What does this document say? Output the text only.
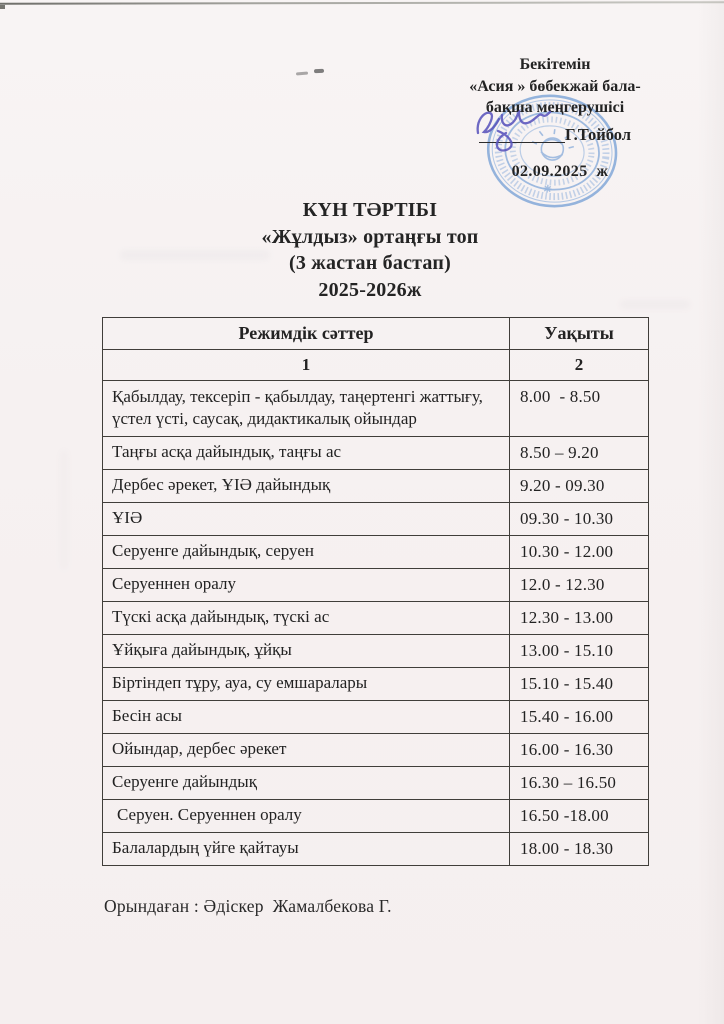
Бекітемін
«Асия » бөбекжай бала-
бақша меңгерушісі
Г.Тойбол
02.09.2025  ж
КҮН ТӘРТІБІ
«Жұлдыз» ортаңғы топ
(3 жастан бастап)
2025-2026ж
Режимдік сәттер	Уақыты
1	2
Қабылдау, тексеріп - қабылдау, таңертенгі жаттығу, үстел үсті, саусақ, дидактикалық ойындар	8.00  - 8.50
Таңғы асқа дайындық, таңғы ас	8.50 – 9.20
Дербес әрекет, ҰІӘ дайындық	9.20 - 09.30
ҰІӘ	09.30 - 10.30
Серуенге дайындық, серуен	10.30 - 12.00
Серуеннен оралу	12.0 - 12.30
Түскі асқа дайындық, түскі ас	12.30 - 13.00
Ұйқыға дайындық, ұйқы	13.00 - 15.10
Біртіндеп тұру, ауа, су емшаралары	15.10 - 15.40
Бесін асы	15.40 - 16.00
Ойындар, дербес әрекет	16.00 - 16.30
Серуенге дайындық	16.30 – 16.50
Серуен. Серуеннен оралу	16.50 -18.00
Балалардың үйге қайтауы	18.00 - 18.30
Орындаған : Әдіскер  Жамалбекова Г.
